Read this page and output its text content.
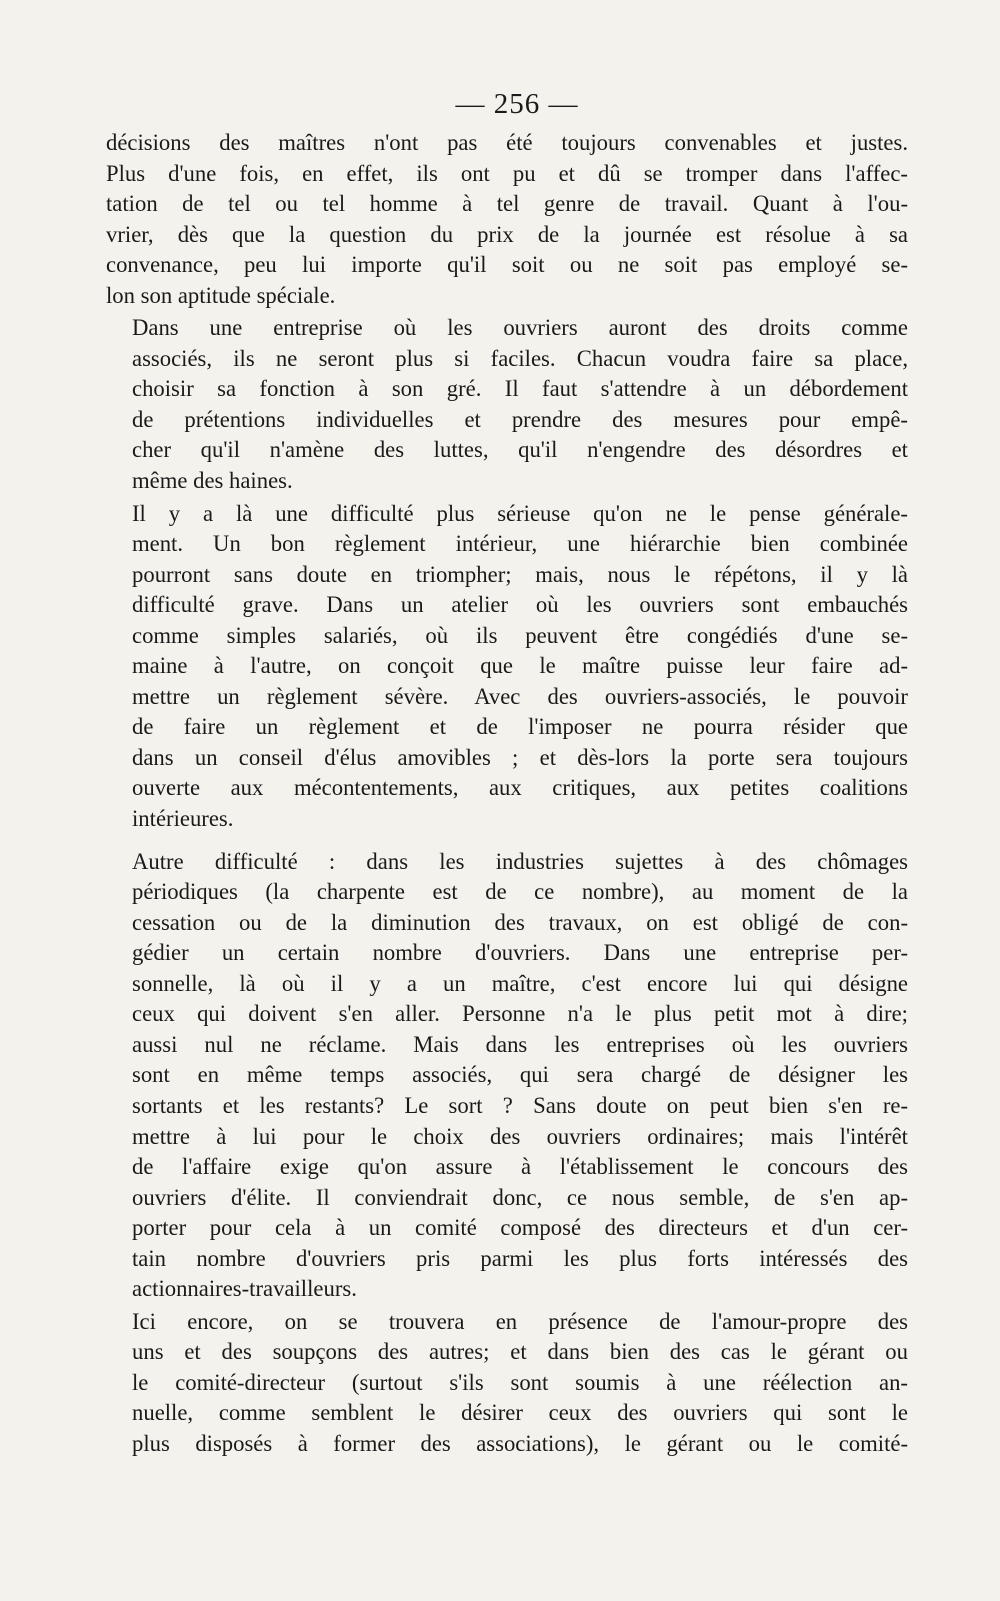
— 256 —

décisions des maîtres n'ont pas été toujours convenables et justes.
Plus d'une fois, en effet, ils ont pu et dû se tromper dans l'affec-
tation de tel ou tel homme à tel genre de travail. Quant à l'ou-
vrier, dès que la question du prix de la journée est résolue à sa
convenance, peu lui importe qu'il soit ou ne soit pas employé se-
lon son aptitude spéciale.

Dans une entreprise où les ouvriers auront des droits comme
associés, ils ne seront plus si faciles. Chacun voudra faire sa place,
choisir sa fonction à son gré. Il faut s'attendre à un débordement
de prétentions individuelles et prendre des mesures pour empê-
cher qu'il n'amène des luttes, qu'il n'engendre des désordres et
même des haines.

Il y a là une difficulté plus sérieuse qu'on ne le pense générale-
ment. Un bon règlement intérieur, une hiérarchie bien combinée
pourront sans doute en triompher; mais, nous le répétons, il y là
difficulté grave. Dans un atelier où les ouvriers sont embauchés
comme simples salariés, où ils peuvent être congédiés d'une se-
maine à l'autre, on conçoit que le maître puisse leur faire ad-
mettre un règlement sévère. Avec des ouvriers-associés, le pouvoir
de faire un règlement et de l'imposer ne pourra résider que
dans un conseil d'élus amovibles ; et dès-lors la porte sera toujours
ouverte aux mécontentements, aux critiques, aux petites coalitions
intérieures.

Autre difficulté : dans les industries sujettes à des chômages
périodiques (la charpente est de ce nombre), au moment de la
cessation ou de la diminution des travaux, on est obligé de con-
gédier un certain nombre d'ouvriers. Dans une entreprise per-
sonnelle, là où il y a un maître, c'est encore lui qui désigne
ceux qui doivent s'en aller. Personne n'a le plus petit mot à dire;
aussi nul ne réclame. Mais dans les entreprises où les ouvriers
sont en même temps associés, qui sera chargé de désigner les
sortants et les restants? Le sort ? Sans doute on peut bien s'en re-
mettre à lui pour le choix des ouvriers ordinaires; mais l'intérêt
de l'affaire exige qu'on assure à l'établissement le concours des
ouvriers d'élite. Il conviendrait donc, ce nous semble, de s'en ap-
porter pour cela à un comité composé des directeurs et d'un cer-
tain nombre d'ouvriers pris parmi les plus forts intéressés des
actionnaires-travailleurs.

Ici encore, on se trouvera en présence de l'amour-propre des
uns et des soupçons des autres; et dans bien des cas le gérant ou
le comité-directeur (surtout s'ils sont soumis à une réélection an-
nuelle, comme semblent le désirer ceux des ouvriers qui sont le
plus disposés à former des associations), le gérant ou le comité-
